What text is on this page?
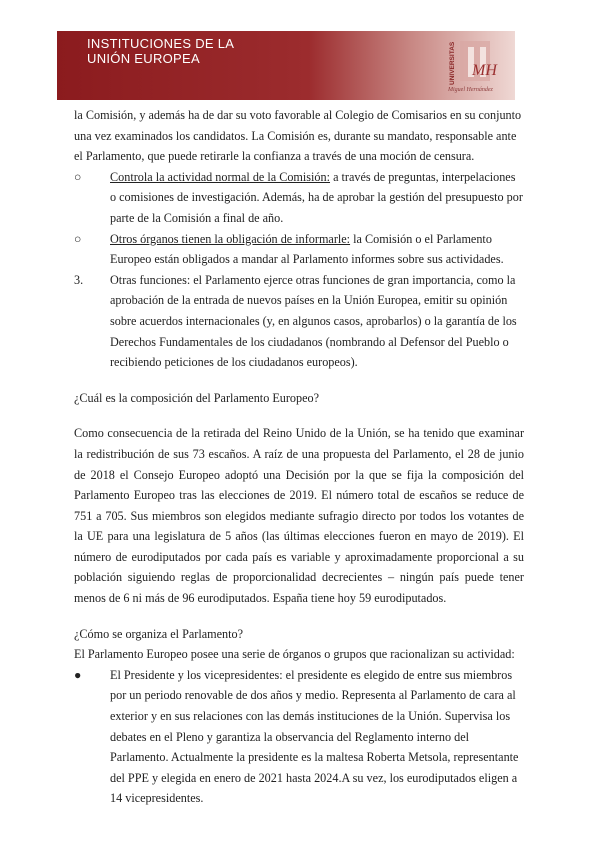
INSTITUCIONES DE LA
UNIÓN EUROPEA	UNIVERSITAS MH
Miguel Hernández

la Comisión, y además ha de dar su voto favorable al Colegio de Comisarios en su conjunto una vez examinados los candidatos. La Comisión es, durante su mandato, responsable ante el Parlamento, que puede retirarle la confianza a través de una moción de censura.

○	Controla la actividad normal de la Comisión: a través de preguntas, interpelaciones o comisiones de investigación. Además, ha de aprobar la gestión del presupuesto por parte de la Comisión a final de año.
○	Otros órganos tienen la obligación de informarle: la Comisión o el Parlamento Europeo están obligados a mandar al Parlamento informes sobre sus actividades.
3.	Otras funciones: el Parlamento ejerce otras funciones de gran importancia, como la aprobación de la entrada de nuevos países en la Unión Europea, emitir su opinión sobre acuerdos internacionales (y, en algunos casos, aprobarlos) o la garantía de los Derechos Fundamentales de los ciudadanos (nombrando al Defensor del Pueblo o recibiendo peticiones de los ciudadanos europeos).

¿Cuál es la composición del Parlamento Europeo?

Como consecuencia de la retirada del Reino Unido de la Unión, se ha tenido que examinar la redistribución de sus 73 escaños. A raíz de una propuesta del Parlamento, el 28 de junio de 2018 el Consejo Europeo adoptó una Decisión por la que se fija la composición del Parlamento Europeo tras las elecciones de 2019. El número total de escaños se reduce de 751 a 705. Sus miembros son elegidos mediante sufragio directo por todos los votantes de la UE para una legislatura de 5 años (las últimas elecciones fueron en mayo de 2019). El número de eurodiputados por cada país es variable y aproximadamente proporcional a su población siguiendo reglas de proporcionalidad decrecientes – ningún país puede tener menos de 6 ni más de 96 eurodiputados. España tiene hoy 59 eurodiputados.

¿Cómo se organiza el Parlamento?

El Parlamento Europeo posee una serie de órganos o grupos que racionalizan su actividad:

●	El Presidente y los vicepresidentes: el presidente es elegido de entre sus miembros por un periodo renovable de dos años y medio. Representa al Parlamento de cara al exterior y en sus relaciones con las demás instituciones de la Unión. Supervisa los debates en el Pleno y garantiza la observancia del Reglamento interno del Parlamento. Actualmente la presidente es la maltesa Roberta Metsola, representante del PPE y elegida en enero de 2021 hasta 2024.A su vez, los eurodiputados eligen a 14 vicepresidentes.
